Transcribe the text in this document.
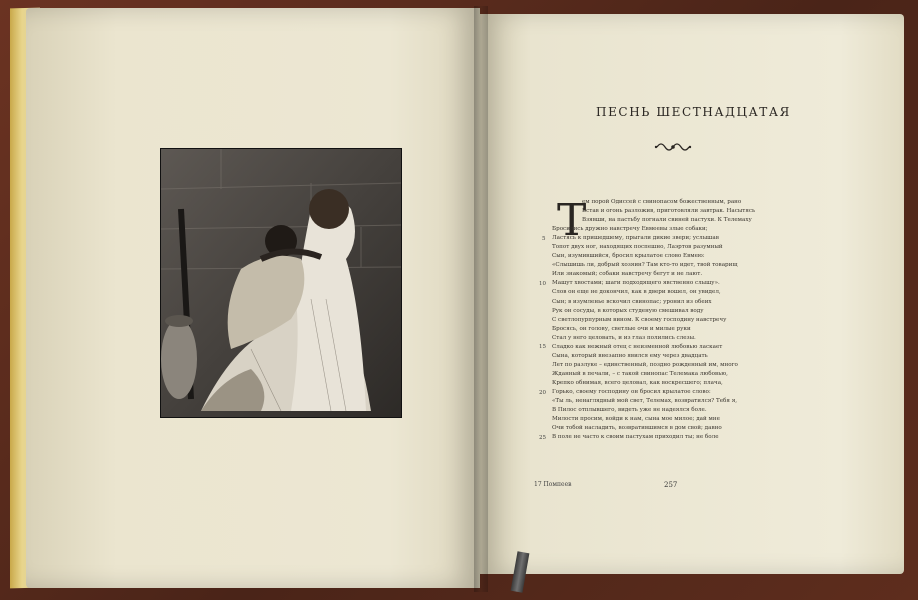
ПЕСНЬ ШЕСТНАДЦАТАЯ
Т
ем порой Одиссей с свинопасом божественным, рано
Встав и огонь разложив, приготовляли завтрак. Насытясь
Взявши, на пастьбу погнали свиней пастухи. К Телемаху
Бросились дружно навстречу Евмеевы злые собаки;
Ластясь к пришедшему, прыгали дикие звери; услышав
Топот двух ног, находящих поспешно, Лаэртов разумный
Сын, изумившийся, бросил крылатое слово Евмею:
«Слышишь ли, добрый хозяин? Там кто-то идет, твой товарищ
Или знакомый; собаки навстречу бегут и не лают.
Машут хвостами; шаги подходящего явственно слышу».
Слов он еще не докончил, как в двери вошел, он увидел,
Сын; в изумленье вскочил свинопас; уронил из обеих
Рук он сосуды, в которых студеную смешивал воду
С светлопурпурным вином. К своему господину навстречу
Бросясь, он голову, светлые очи и милые руки
Стал у него целовать, и из глаз полились слезы.
Сладко как нежный отец с неизменной любовью ласкает
Сына, который внезапно явился ему через двадцать
Лет по разлуке – единственный, поздно рожденный им, много
Жданный в печали, – с такой свинопас Телемака любовью,
Крепко обнимая, всего целовал, как воскресшего; плача,
Горько, своему господину он бросил крылатое слово:
«Ты ль, ненаглядный мой свет, Телемах, возвратился? Тебя я,
В Пилос отплывшего, видеть уже не надеялся боле.
Милости просим, войди к нам, сына мое милое; дай мне
Очи тобой насладить, возвратившимся в дом свой; давно
В поле не часто к своим пастухам приходил ты; не боле
5
10
15
20
25
17 Помпеев	257
